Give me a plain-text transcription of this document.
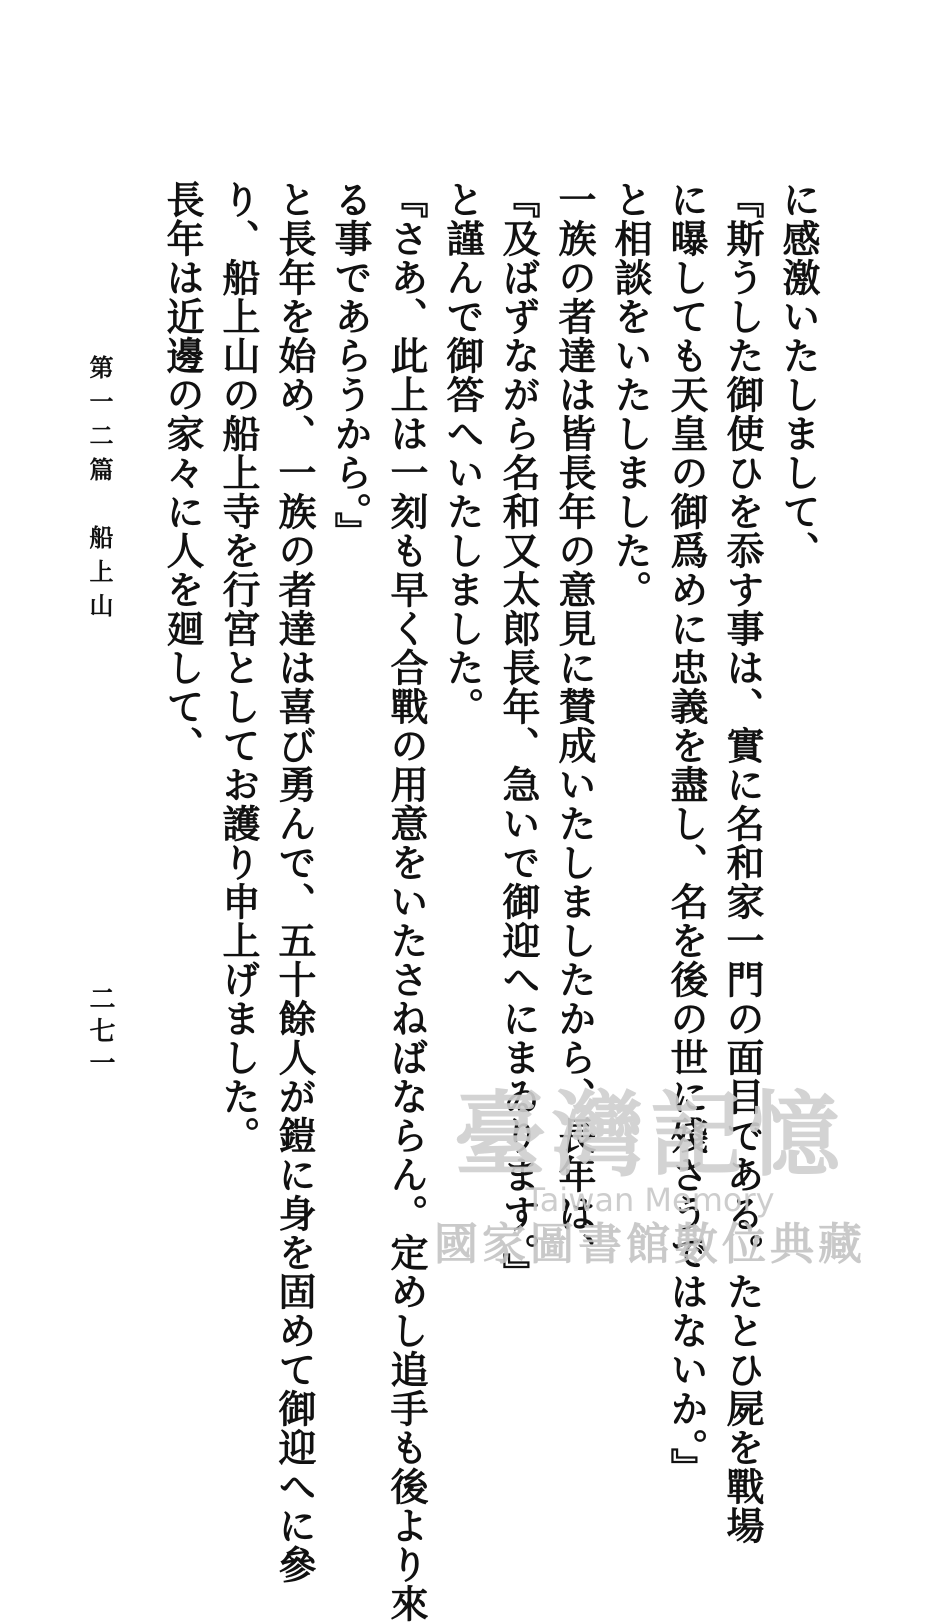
に感激いたしまして、
『斯うした御使ひを忝す事は、實に名和家一門の面目である。たとひ屍を戰場
に曝しても天皇の御爲めに忠義を盡し、名を後の世に殘さうではないか。』
と相談をいたしました。
一族の者達は皆長年の意見に賛成いたしましたから、長年は、
『及ばずながら名和又太郎長年、急いで御迎へにまゐります。』
と謹んで御答へいたしました。
『さあ、此上は一刻も早く合戰の用意をいたさねばならん。定めし追手も後より來
る事であらうから。』
と長年を始め、一族の者達は喜び勇んで、五十餘人が鎧に身を固めて御迎へに參
り、船上山の船上寺を行宮としてお護り申上げました。
長年は近邊の家々に人を廻して、
第一二篇　船上山
二七一
臺灣記憶
Taiwan Memory
國家圖書館數位典藏
